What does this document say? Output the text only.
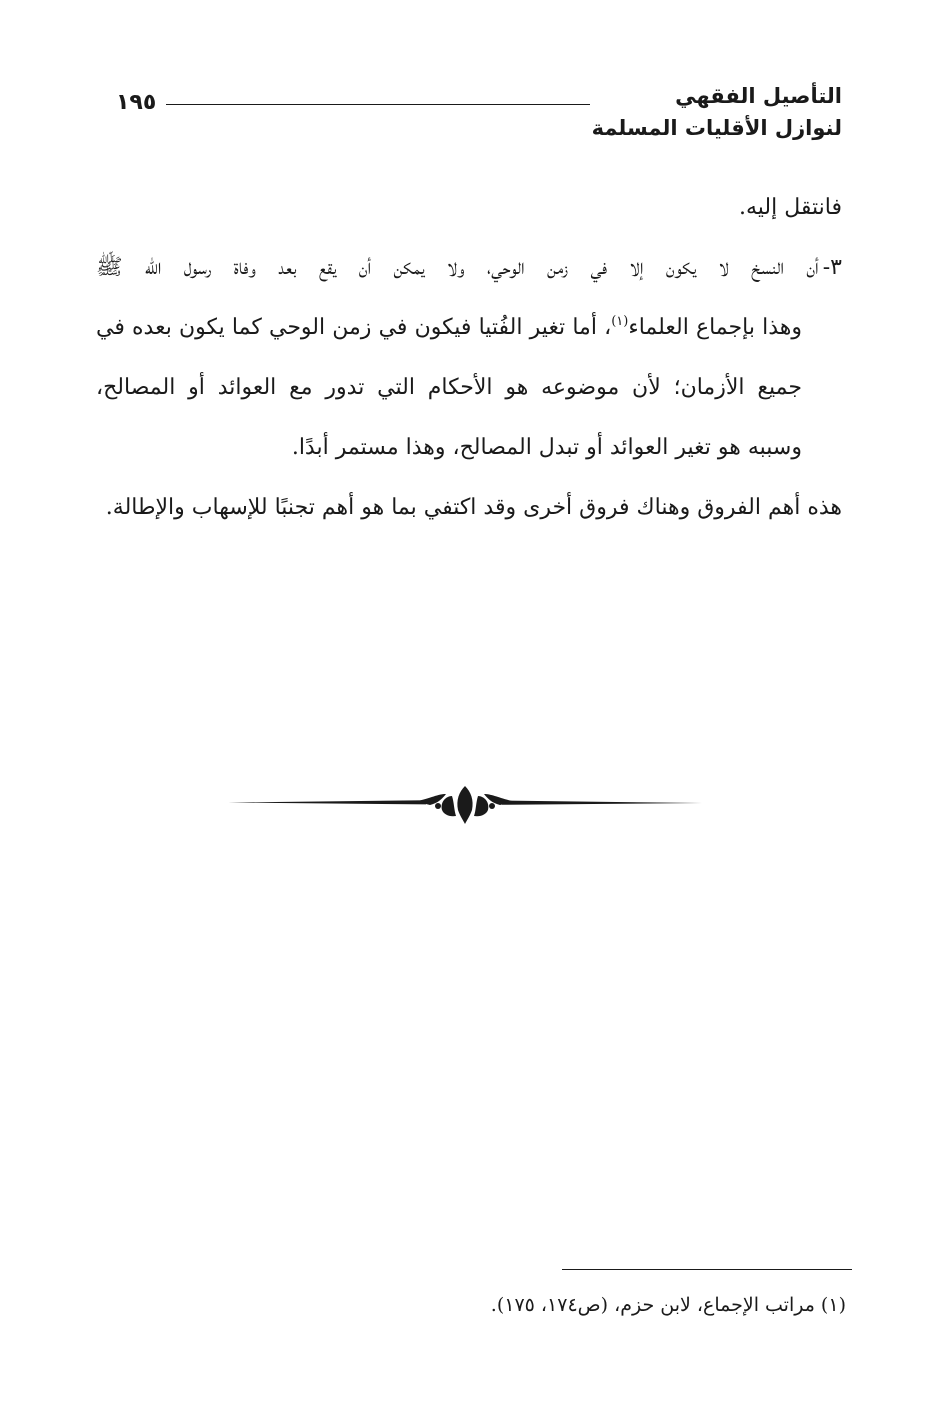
التأصيل الفقهي
لنوازل الأقليات المسلمة
١٩٥
فانتقل إليه.
٣-أن النسخ لا يكون إلا في زمن الوحي، ولا يمكن أن يقع بعد وفاة رسول الله ﷺ
وهذا بإجماع العلماء$^{(١)}$، أما تغير الفُتيا فيكون في زمن الوحي كما يكون بعده في
جميع الأزمان؛ لأن موضوعه هو الأحكام التي تدور مع العوائد أو المصالح،
وسببه هو تغير العوائد أو تبدل المصالح، وهذا مستمر أبدًا.
هذه أهم الفروق وهناك فروق أخرى وقد اكتفي بما هو أهم تجنبًا للإسهاب والإطالة.
(١) مراتب الإجماع، لابن حزم، (ص١٧٤، ١٧٥).
